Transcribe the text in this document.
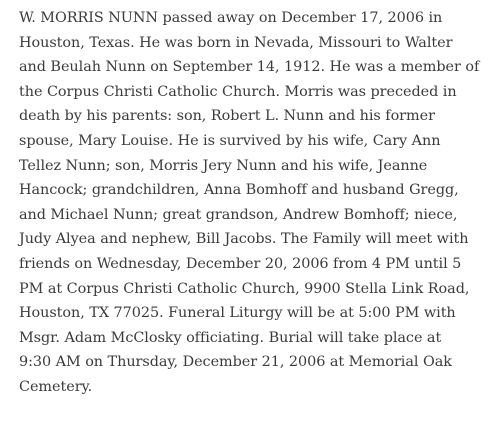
W. MORRIS NUNN passed away on December 17, 2006 in
Houston, Texas. He was born in Nevada, Missouri to Walter
and Beulah Nunn on September 14, 1912. He was a member of
the Corpus Christi Catholic Church. Morris was preceded in
death by his parents: son, Robert L. Nunn and his former
spouse, Mary Louise. He is survived by his wife, Cary Ann
Tellez Nunn; son, Morris Jery Nunn and his wife, Jeanne
Hancock; grandchildren, Anna Bomhoff and husband Gregg,
and Michael Nunn; great grandson, Andrew Bomhoff; niece,
Judy Alyea and nephew, Bill Jacobs. The Family will meet with
friends on Wednesday, December 20, 2006 from 4 PM until 5
PM at Corpus Christi Catholic Church, 9900 Stella Link Road,
Houston, TX 77025. Funeral Liturgy will be at 5:00 PM with
Msgr. Adam McClosky officiating. Burial will take place at
9:30 AM on Thursday, December 21, 2006 at Memorial Oak
Cemetery.
